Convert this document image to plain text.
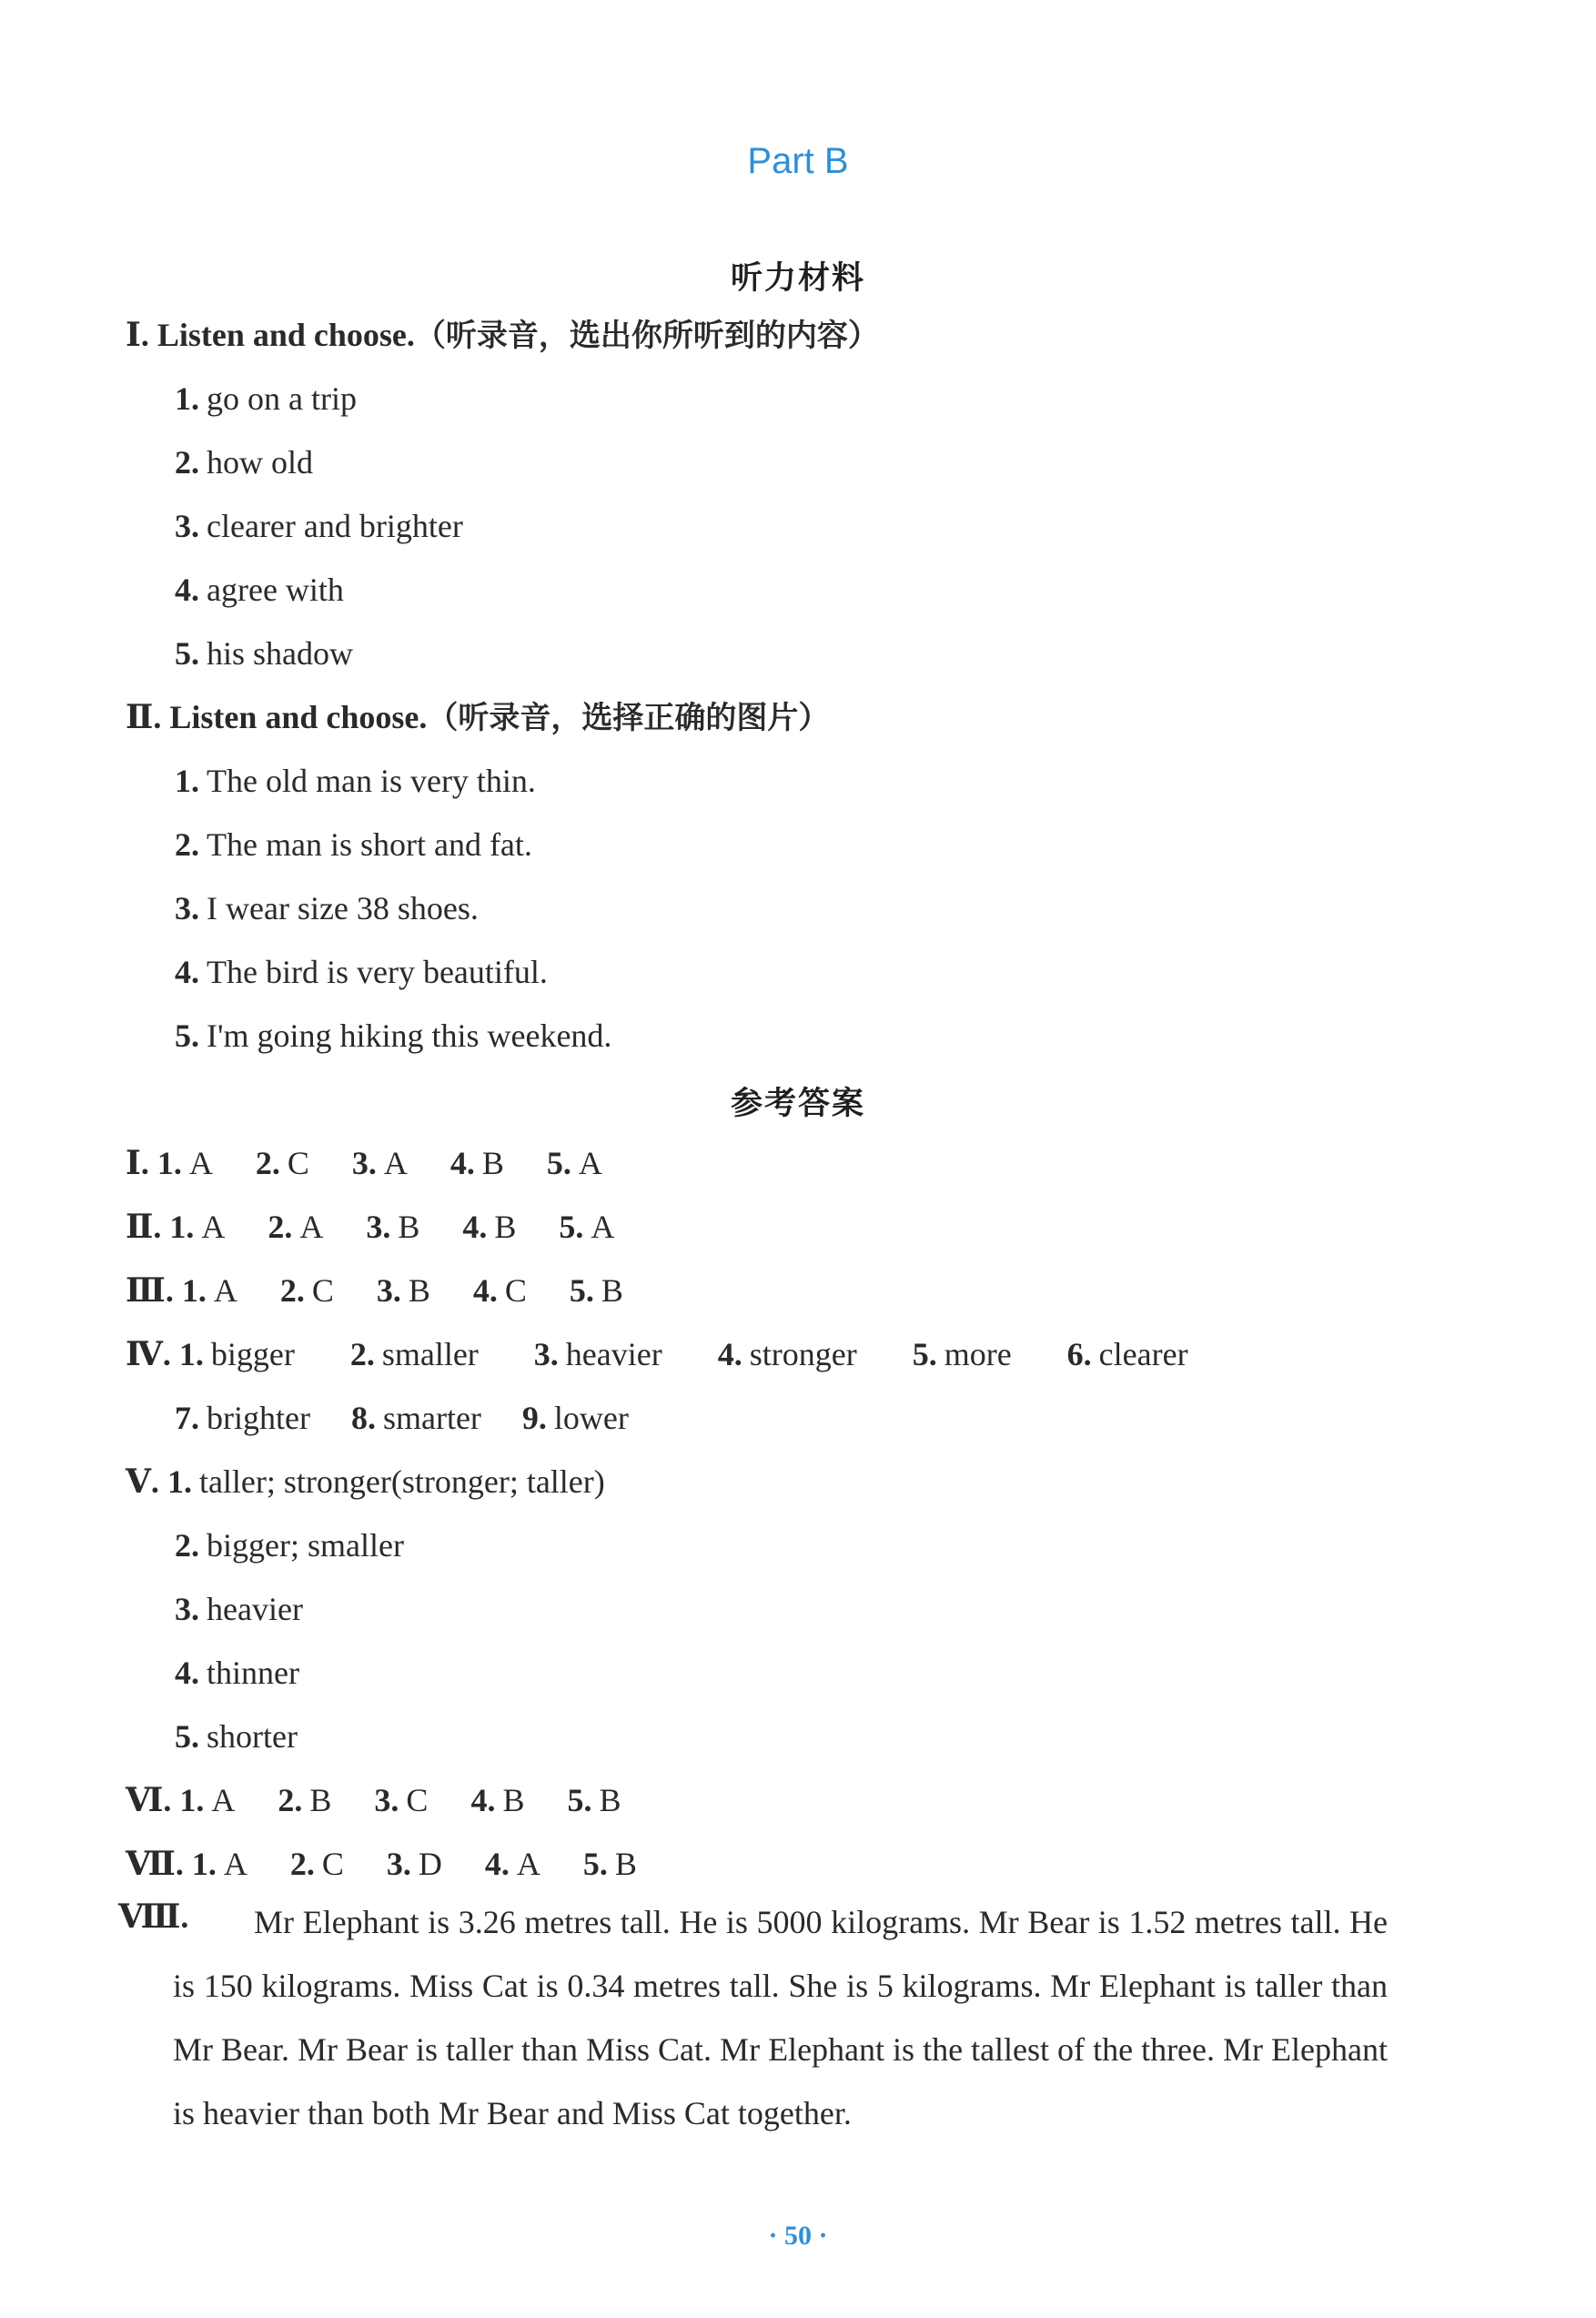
Part B
听力材料
Ⅰ. Listen and choose.（听录音，选出你所听到的内容）
1. go on a trip
2. how old
3. clearer and brighter
4. agree with
5. his shadow
Ⅱ. Listen and choose.（听录音，选择正确的图片）
1. The old man is very thin.
2. The man is short and fat.
3. I wear size 38 shoes.
4. The bird is very beautiful.
5. I'm going hiking this weekend.
参考答案
Ⅰ. 1. A 2. C 3. A 4. B 5. A
Ⅱ. 1. A 2. A 3. B 4. B 5. A
Ⅲ. 1. A 2. C 3. B 4. C 5. B
Ⅳ. 1. bigger 2. smaller 3. heavier 4. stronger 5. more 6. clearer
7. brighter 8. smarter 9. lower
Ⅴ. 1. taller; stronger(stronger; taller)
2. bigger; smaller
3. heavier
4. thinner
5. shorter
Ⅵ. 1. A 2. B 3. C 4. B 5. B
Ⅶ. 1. A 2. C 3. D 4. A 5. B
Ⅷ.	Mr Elephant is 3.26 metres tall. He is 5000 kilograms. Mr Bear is 1.52 metres tall. He is 150 kilograms. Miss Cat is 0.34 metres tall. She is 5 kilograms. Mr Elephant is taller than Mr Bear. Mr Bear is taller than Miss Cat. Mr Elephant is the tallest of the three. Mr Elephant is heavier than both Mr Bear and Miss Cat together.
· 50 ·
